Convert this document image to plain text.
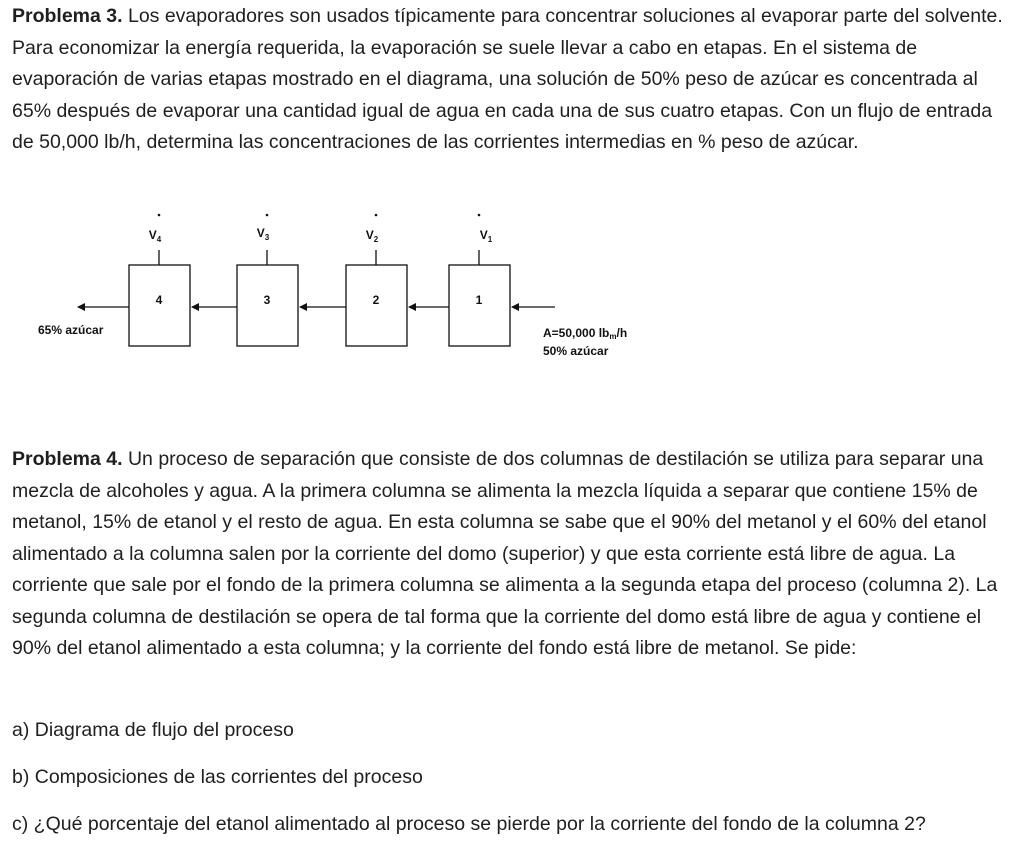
Problema 3. Los evaporadores son usados típicamente para concentrar soluciones al evaporar parte del solvente. Para economizar la energía requerida, la evaporación se suele llevar a cabo en etapas. En el sistema de evaporación de varias etapas mostrado en el diagrama, una solución de 50% peso de azúcar es concentrada al 65% después de evaporar una cantidad igual de agua en cada una de sus cuatro etapas. Con un flujo de entrada de 50,000 lb/h, determina las concentraciones de las corrientes intermedias en % peso de azúcar.

4	3	2	1
$V_4$	$V_3$	$V_2$	$V_1$
65% azúcar	A=50,000 lbm/h
50% azúcar

Problema 4. Un proceso de separación que consiste de dos columnas de destilación se utiliza para separar una mezcla de alcoholes y agua. A la primera columna se alimenta la mezcla líquida a separar que contiene 15% de metanol, 15% de etanol y el resto de agua. En esta columna se sabe que el 90% del metanol y el 60% del etanol alimentado a la columna salen por la corriente del domo (superior) y que esta corriente está libre de agua. La corriente que sale por el fondo de la primera columna se alimenta a la segunda etapa del proceso (columna 2). La segunda columna de destilación se opera de tal forma que la corriente del domo está libre de agua y contiene el 90% del etanol alimentado a esta columna; y la corriente del fondo está libre de metanol. Se pide:

a) Diagrama de flujo del proceso

b) Composiciones de las corrientes del proceso

c) ¿Qué porcentaje del etanol alimentado al proceso se pierde por la corriente del fondo de la columna 2?
